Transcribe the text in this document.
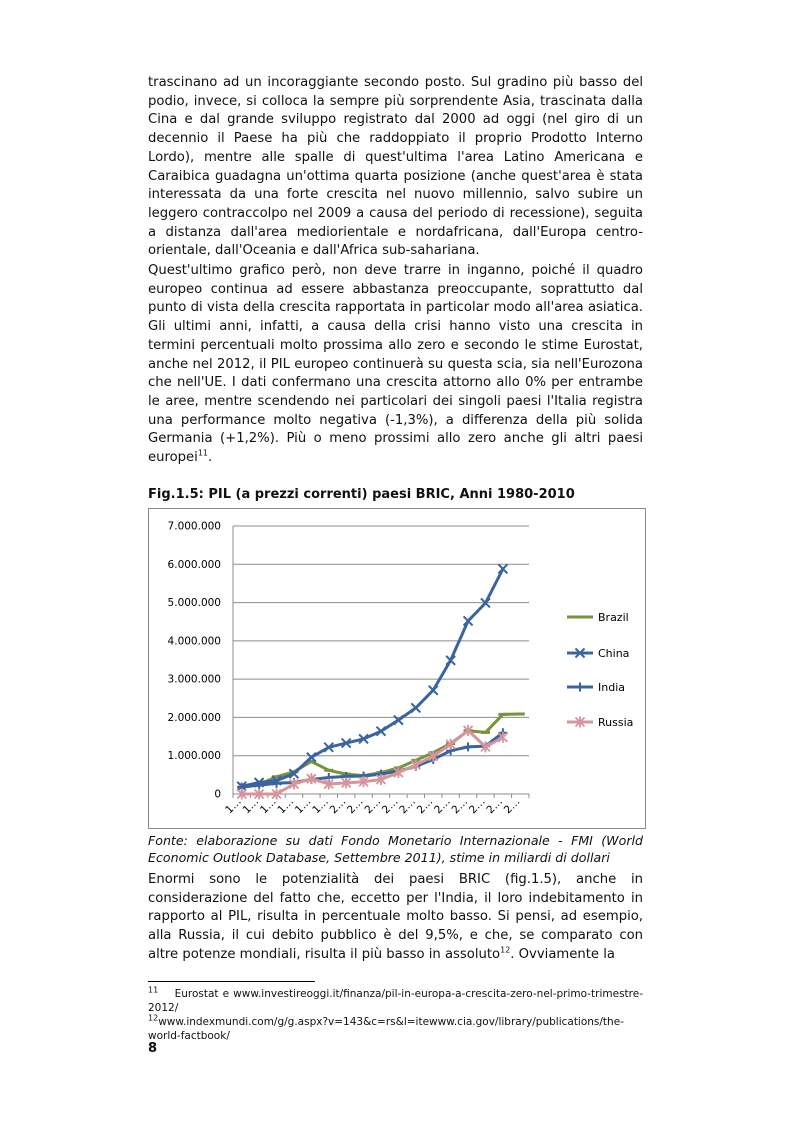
trascinano ad un incoraggiante secondo posto. Sul gradino più basso del podio, invece, si colloca la sempre più sorprendente Asia, trascinata dalla Cina e dal grande sviluppo registrato dal 2000 ad oggi (nel giro di un decennio il Paese ha più che raddoppiato il proprio Prodotto Interno Lordo), mentre alle spalle di quest'ultima l'area Latino Americana e Caraibica guadagna un'ottima quarta posizione (anche quest'area è stata interessata da una forte crescita nel nuovo millennio, salvo subire un leggero contraccolpo nel 2009 a causa del periodo di recessione), seguita a distanza dall'area mediorientale e nordafricana, dall'Europa centro-orientale, dall'Oceania e dall'Africa sub-sahariana.

Quest'ultimo grafico però, non deve trarre in inganno, poiché il quadro europeo continua ad essere abbastanza preoccupante, soprattutto dal punto di vista della crescita rapportata in particolar modo all'area asiatica. Gli ultimi anni, infatti, a causa della crisi hanno visto una crescita in termini percentuali molto prossima allo zero e secondo le stime Eurostat, anche nel 2012, il PIL europeo continuerà su questa scia, sia nell'Eurozona che nell'UE. I dati confermano una crescita attorno allo 0% per entrambe le aree, mentre scendendo nei particolari dei singoli paesi l'Italia registra una performance molto negativa (-1,3%), a differenza della più solida Germania (+1,2%). Più o meno prossimi allo zero anche gli altri paesi europei$^{11}$.

Fig.1.5: PIL (a prezzi correnti) paesi BRIC, Anni 1980-2010

0
1.000.000
2.000.000
3.000.000
4.000.000
5.000.000
6.000.000
7.000.000
1…
1…
1…
1…
1…
1…
2…
2…
2…
2…
2…
2…
2…
2…
2…
2…
2…
Brazil
China
India
Russia

Fonte: elaborazione su dati Fondo Monetario Internazionale - FMI (World Economic Outlook Database, Settembre 2011), stime in miliardi di dollari

Enormi sono le potenzialità dei paesi BRIC (fig.1.5), anche in considerazione del fatto che, eccetto per l'India, il loro indebitamento in rapporto al PIL, risulta in percentuale molto basso. Si pensi, ad esempio, alla Russia, il cui debito pubblico è del 9,5%, e che, se comparato con altre potenze mondiali, risulta il più basso in assoluto$^{12}$. Ovviamente la

$^{11}$ Eurostat e www.investireoggi.it/finanza/pil-in-europa-a-crescita-zero-nel-primo-trimestre-2012/

$^{12}$www.indexmundi.com/g/g.aspx?v=143&c=rs&l=itewww.cia.gov/library/publications/the-world-factbook/

8
